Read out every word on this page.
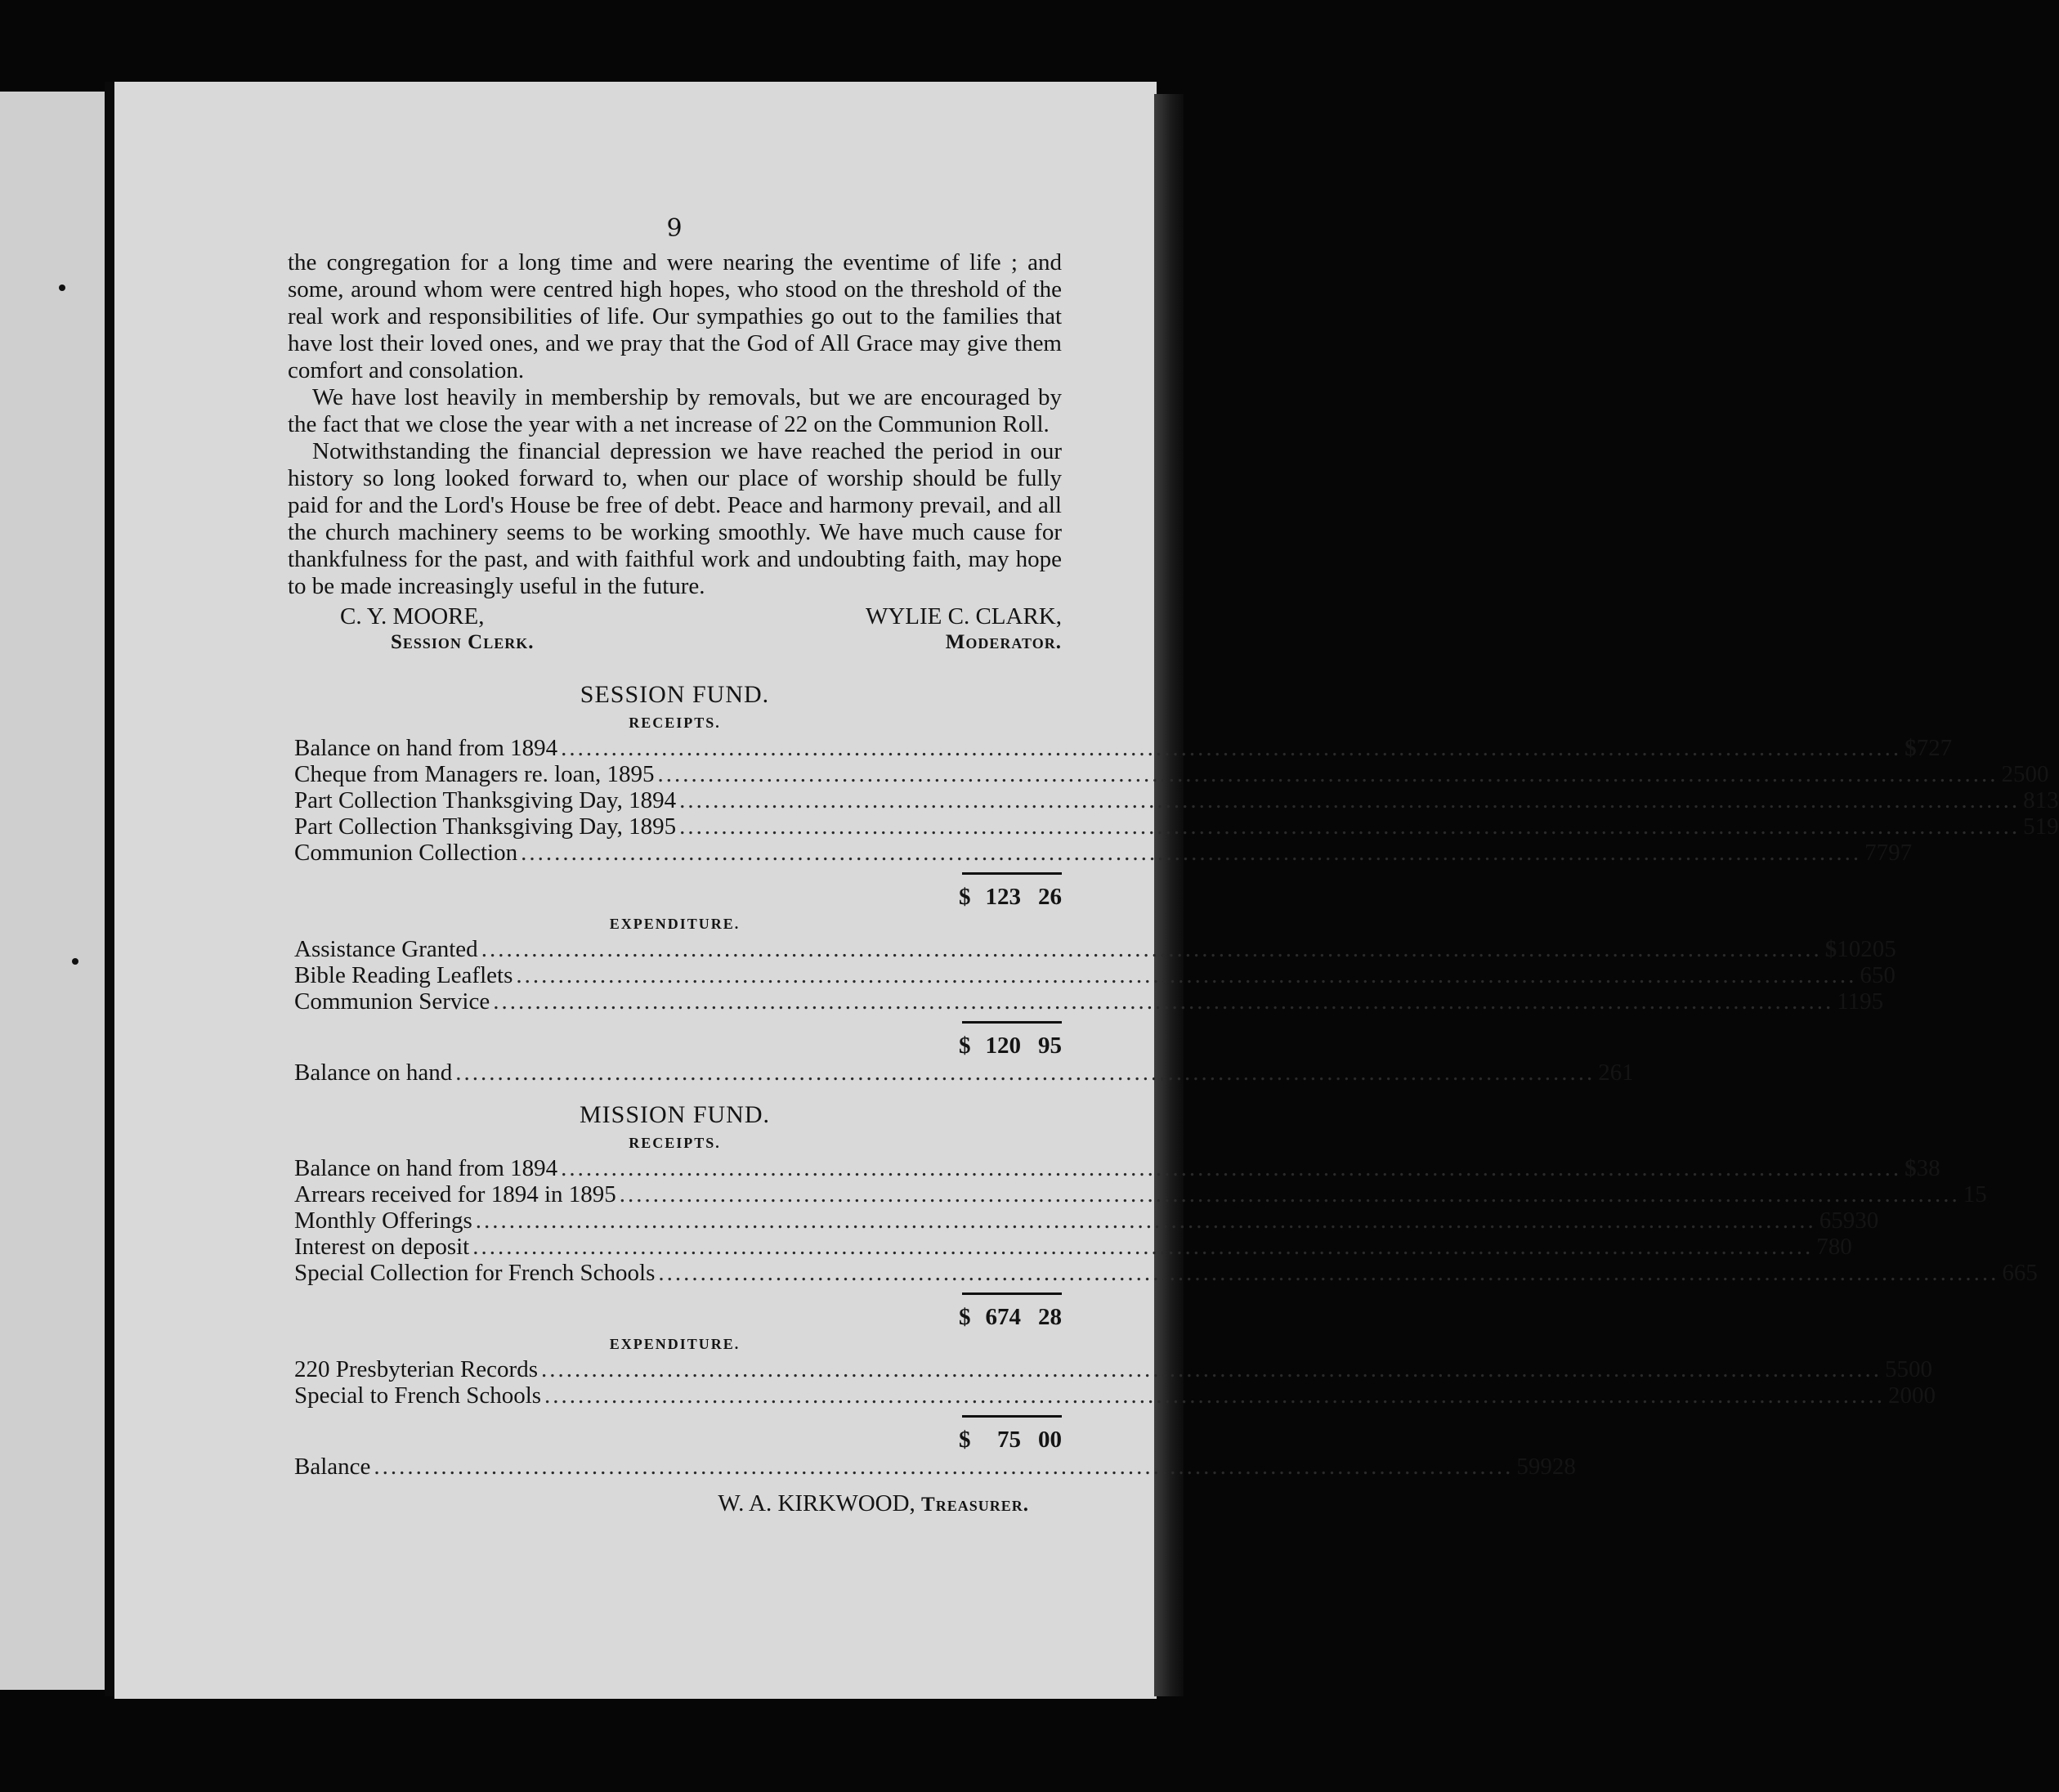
9

the congregation for a long time and were nearing the eventime of life ; and some, around whom were centred high hopes, who stood on the threshold of the real work and responsibilities of life. Our sympathies go out to the families that have lost their loved ones, and we pray that the God of All Grace may give them comfort and consolation.

We have lost heavily in membership by removals, but we are encouraged by the fact that we close the year with a net increase of 22 on the Communion Roll.

Notwithstanding the financial depression we have reached the period in our history so long looked forward to, when our place of worship should be fully paid for and the Lord's House be free of debt. Peace and harmony prevail, and all the church machinery seems to be working smoothly. We have much cause for thankfulness for the past, and with faithful work and undoubting faith, may hope to be made increasingly useful in the future.

C. Y. MOORE,
Session Clerk.
WYLIE C. CLARK,
Moderator.
SESSION FUND.
RECEIPTS.
Balance on hand from 1894 ................................................................................................................................................................ $ 7 27
Cheque from Managers re. loan, 1895 ................................................................................................................................................................ 25 00
Part Collection Thanksgiving Day, 1894 ................................................................................................................................................................ 8 13
Part Collection Thanksgiving Day, 1895 ................................................................................................................................................................ 5 19
Communion Collection ................................................................................................................................................................ 77 97
$ 123 26
EXPENDITURE.
Assistance Granted ................................................................................................................................................................ $ 102 05
Bible Reading Leaflets ................................................................................................................................................................ 6 50
Communion Service ................................................................................................................................................................ 11 95
$ 120 95
Balance on hand ........................................................................................................................................ 2 61
MISSION FUND.
RECEIPTS.
Balance on hand from 1894 ................................................................................................................................................................ $ 38
Arrears received for 1894 in 1895 ................................................................................................................................................................ 15
Monthly Offerings ................................................................................................................................................................ 659 30
Interest on deposit ................................................................................................................................................................ 7 80
Special Collection for French Schools ................................................................................................................................................................ 6 65
$ 674 28
EXPENDITURE.
220 Presbyterian Records ................................................................................................................................................................ 55 00
Special to French Schools ................................................................................................................................................................ 20 00
$	75 00
Balance ........................................................................................................................................ 599 28
W. A. KIRKWOOD, Treasurer.
